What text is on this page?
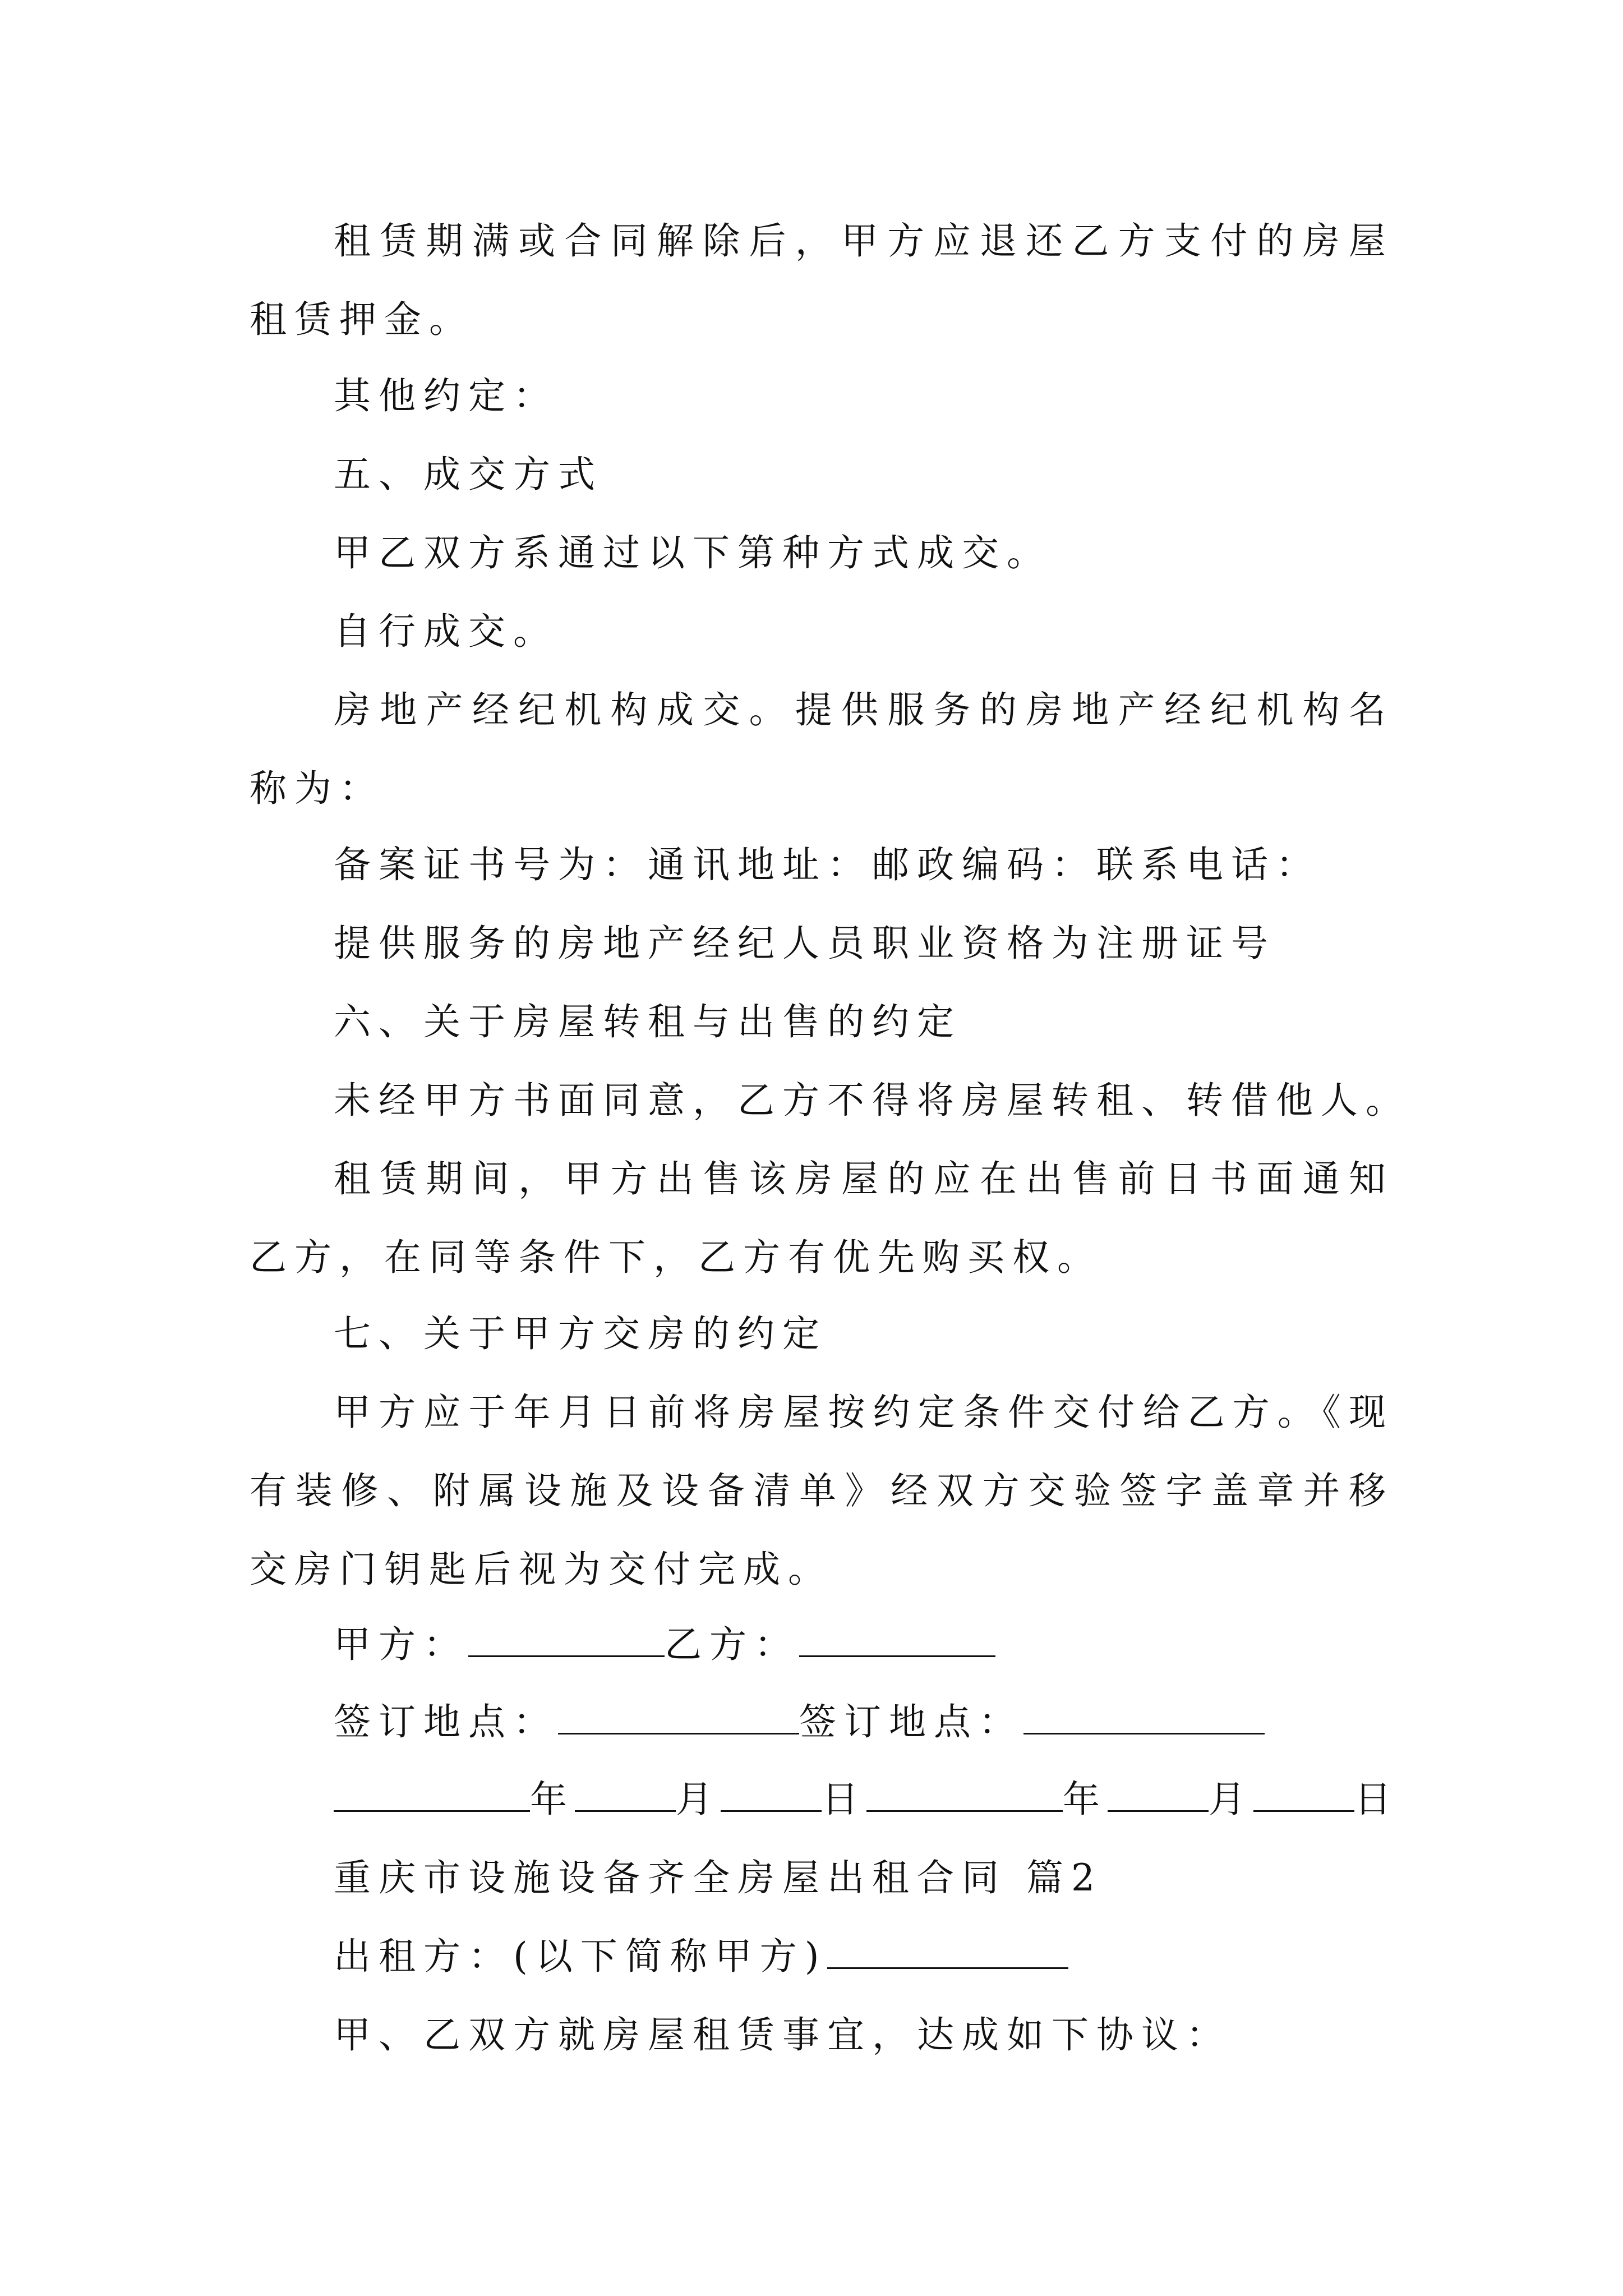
租赁期满或合同解除后，甲方应退还乙方支付的房屋租赁押金。

其他约定：

五、成交方式

甲乙双方系通过以下第种方式成交。

自行成交。

房地产经纪机构成交。提供服务的房地产经纪机构名称为：

备案证书号为：通讯地址：邮政编码：联系电话：

提供服务的房地产经纪人员职业资格为注册证号

六、关于房屋转租与出售的约定

未经甲方书面同意，乙方不得将房屋转租、转借他人。

租赁期间，甲方出售该房屋的应在出售前日书面通知乙方，在同等条件下，乙方有优先购买权。

七、关于甲方交房的约定

甲方应于年月日前将房屋按约定条件交付给乙方。《现有装修、附属设施及设备清单》经双方交验签字盖章并移交房门钥匙后视为交付完成。

甲方：	乙方：

签订地点：	签订地点：

年	月	日	年	月	日

重庆市设施设备齐全房屋出租合同 篇2

出租方：(以下简称甲方)

甲、乙双方就房屋租赁事宜，达成如下协议：
